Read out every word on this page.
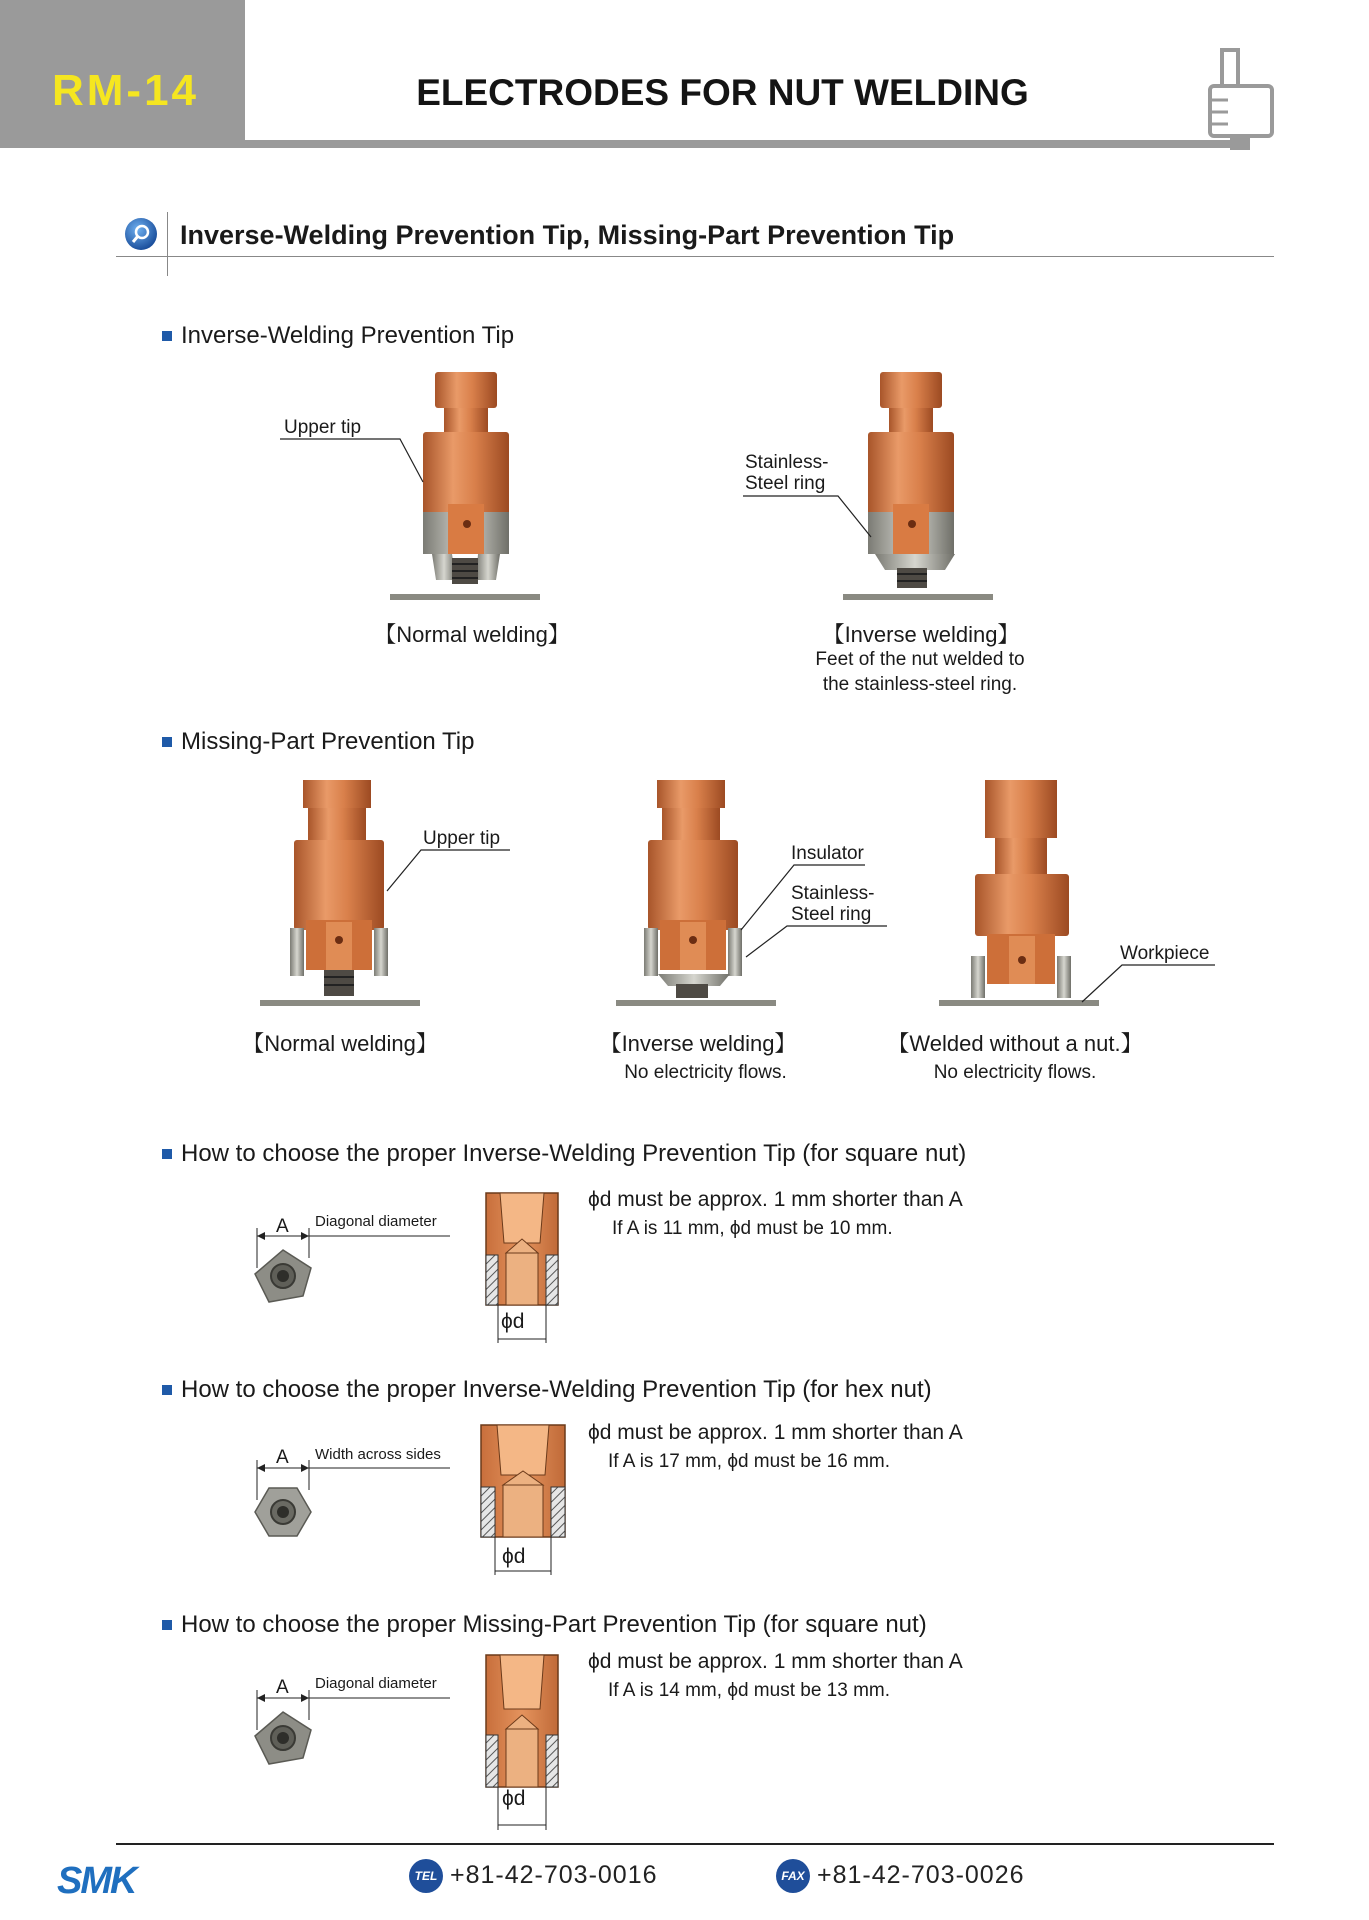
RM-14	ELECTRODES FOR NUT WELDING
Inverse-Welding Prevention Tip, Missing-Part Prevention Tip
Inverse-Welding Prevention Tip
Upper tip
Stainless-
Steel ring
【Normal welding】	【Inverse welding】
Feet of the nut welded to
the stainless-steel ring.
Missing-Part Prevention Tip
Upper tip
Insulator
Stainless-
Steel ring
Workpiece
【Normal welding】	【Inverse welding】
No electricity flows.
【Welded without a nut.】
No electricity flows.
How to choose the proper Inverse-Welding Prevention Tip (for square nut)
A Diagonal diameter
ϕd
ϕd must be approx. 1 mm shorter than A
If A is 11 mm, ϕd must be 10 mm.
How to choose the proper Inverse-Welding Prevention Tip (for hex nut)
A Width across sides
ϕd
ϕd must be approx. 1 mm shorter than A
If A is 17 mm, ϕd must be 16 mm.
How to choose the proper Missing-Part Prevention Tip (for square nut)
A Diagonal diameter
ϕd
ϕd must be approx. 1 mm shorter than A
If A is 14 mm, ϕd must be 13 mm.
SMK	TEL +81-42-703-0016	FAX +81-42-703-0026
